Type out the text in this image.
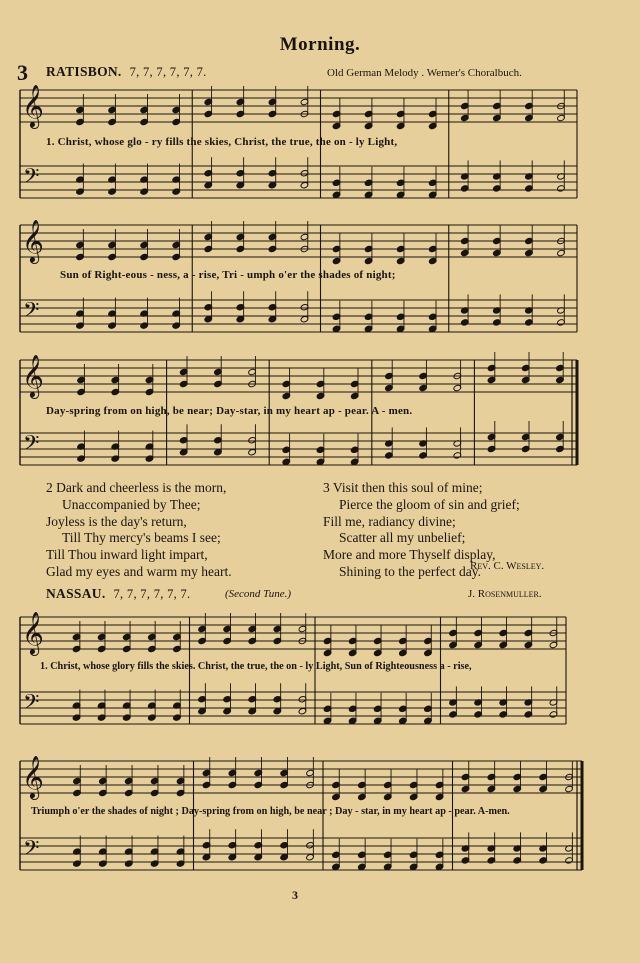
Morning.
3 RATISBON. 7, 7, 7, 7, 7, 7.	Old German Melody . Werner's Choralbuch.
𝄞
𝄢
𝄞
𝄢
𝄞
𝄢
𝄞
𝄢
𝄞
𝄢
1. Christ, whose glo - ry fills the skies, Christ, the true, the on - ly Light,
Sun of Right-eous - ness, a - rise, Tri - umph o'er the shades of night;
Day-spring from on high, be near; Day-star, in my heart ap - pear. A - men.
2 Dark and cheerless is the morn,
Unaccompanied by Thee;
Joyless is the day's return,
Till Thy mercy's beams I see;
Till Thou inward light impart,
Glad my eyes and warm my heart.
3 Visit then this soul of mine;
Pierce the gloom of sin and grief;
Fill me, radiancy divine;
Scatter all my unbelief;
More and more Thyself display,
Shining to the perfect day.
Rev. C. Wesley.
NASSAU. 7, 7, 7, 7, 7, 7.	(Second Tune.)	J. Rosenmuller.
1. Christ, whose glory fills the skies. Christ, the true, the on - ly Light, Sun of Righteousness a - rise,
Triumph o'er the shades of night ; Day-spring from on high, be near ; Day - star, in my heart ap - pear. A-men.
3
